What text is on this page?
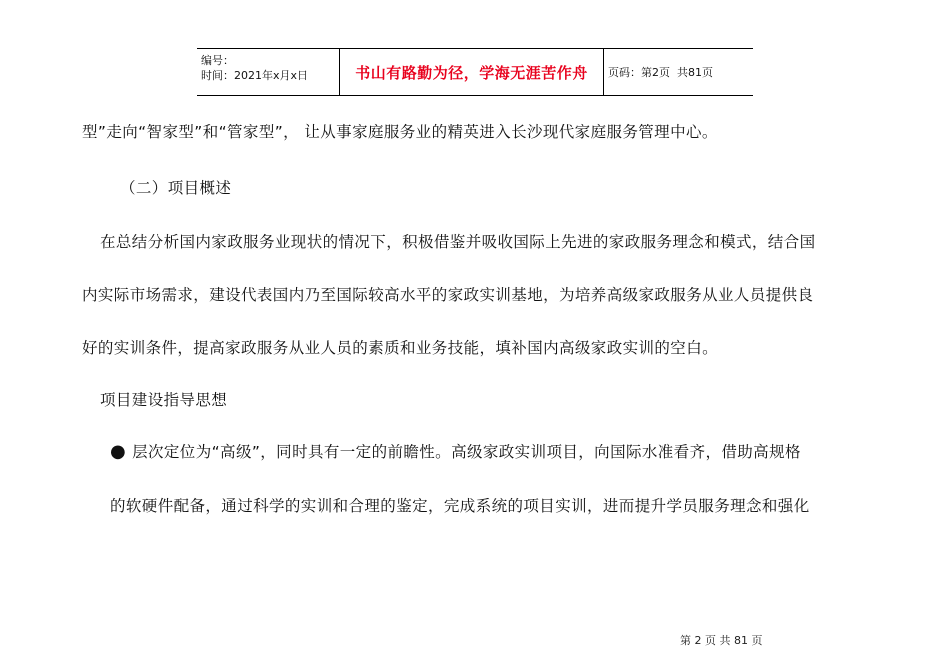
编号：
时间：2021年x月x日	书山有路勤为径，学海无涯苦作舟	页码：第2页  共81页
型”走向“智家型”和“管家型”， 让从事家庭服务业的精英进入长沙现代家庭服务管理中心。
（二）项目概述
在总结分析国内家政服务业现状的情况下，积极借鉴并吸收国际上先进的家政服务理念和模式，结合国
内实际市场需求，建设代表国内乃至国际较高水平的家政实训基地，为培养高级家政服务从业人员提供良
好的实训条件，提高家政服务从业人员的素质和业务技能，填补国内高级家政实训的空白。
项目建设指导思想
● 层次定位为“高级”，同时具有一定的前瞻性。高级家政实训项目，向国际水准看齐，借助高规格
的软硬件配备，通过科学的实训和合理的鉴定，完成系统的项目实训，进而提升学员服务理念和强化
第 2 页 共 81 页
